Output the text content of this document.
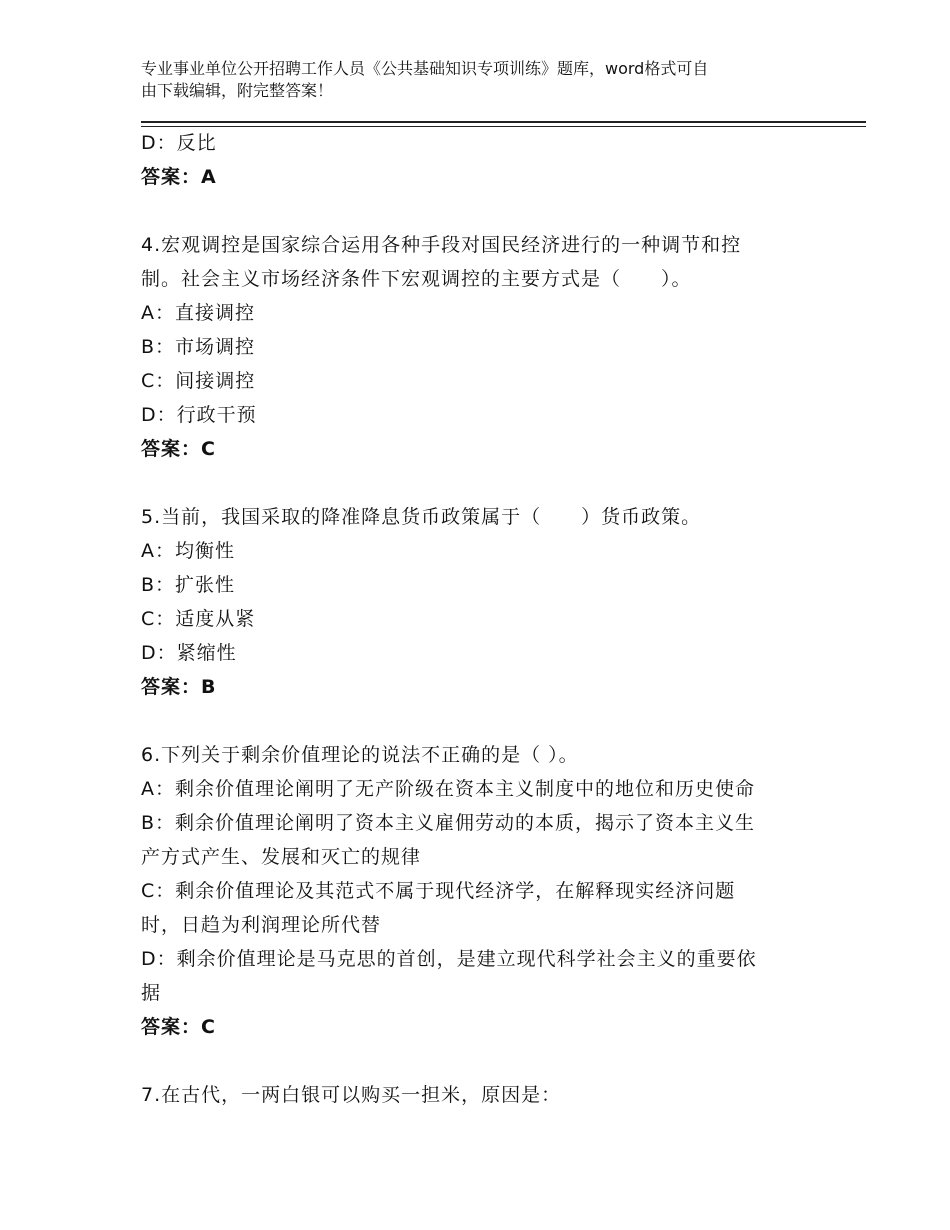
专业事业单位公开招聘工作人员《公共基础知识专项训练》题库，word格式可自
由下载编辑，附完整答案！
D：反比
答案：A
4.宏观调控是国家综合运用各种手段对国民经济进行的一种调节和控
制。社会主义市场经济条件下宏观调控的主要方式是（　　）。
A：直接调控
B：市场调控
C：间接调控
D：行政干预
答案：C
5.当前，我国采取的降准降息货币政策属于（　　）货币政策。
A：均衡性
B：扩张性
C：适度从紧
D：紧缩性
答案：B
6.下列关于剩余价值理论的说法不正确的是（ ）。
A：剩余价值理论阐明了无产阶级在资本主义制度中的地位和历史使命
B：剩余价值理论阐明了资本主义雇佣劳动的本质，揭示了资本主义生
产方式产生、发展和灭亡的规律
C：剩余价值理论及其范式不属于现代经济学，在解释现实经济问题
时，日趋为利润理论所代替
D：剩余价值理论是马克思的首创，是建立现代科学社会主义的重要依
据
答案：C
7.在古代，一两白银可以购买一担米，原因是：
